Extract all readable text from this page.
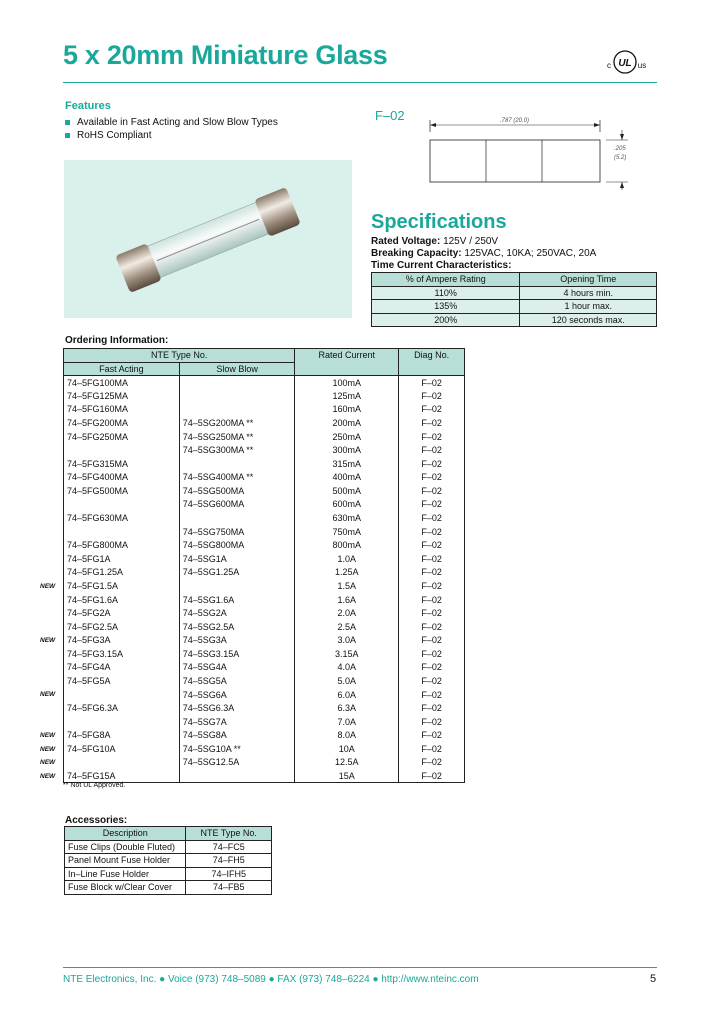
5 x 20mm Miniature Glass	UL
c	us
Features
Available in Fast Acting and Slow Blow Types
RoHS Compliant
F–02	.787 (20.0)
.205
(5.2)
Specifications
Rated Voltage: 125V / 250V
Breaking Capacity: 125VAC, 10KA; 250VAC, 20A
Time Current Characteristics:
% of Ampere Rating	Opening Time
110%	4 hours min.
135%	1 hour max.
200%	120 seconds max.
Ordering Information:
NTE Type No.		Rated Current	Diag No.
Fast Acting	Slow Blow		
74–5FG100MA		100mA	F–02
74–5FG125MA		125mA	F–02
74–5FG160MA		160mA	F–02
74–5FG200MA	74–5SG200MA **	200mA	F–02
74–5FG250MA	74–5SG250MA **	250mA	F–02
	74–5SG300MA **	300mA	F–02
74–5FG315MA		315mA	F–02
74–5FG400MA	74–5SG400MA **	400mA	F–02
74–5FG500MA	74–5SG500MA	500mA	F–02
	74–5SG600MA	600mA	F–02
74–5FG630MA		630mA	F–02
	74–5SG750MA	750mA	F–02
74–5FG800MA	74–5SG800MA	800mA	F–02
74–5FG1A	74–5SG1A	1.0A	F–02
74–5FG1.25A	74–5SG1.25A	1.25A	F–02
74–5FG1.5A		1.5A	F–02
74–5FG1.6A	74–5SG1.6A	1.6A	F–02
74–5FG2A	74–5SG2A	2.0A	F–02
74–5FG2.5A	74–5SG2.5A	2.5A	F–02
74–5FG3A	74–5SG3A	3.0A	F–02
74–5FG3.15A	74–5SG3.15A	3.15A	F–02
74–5FG4A	74–5SG4A	4.0A	F–02
74–5FG5A	74–5SG5A	5.0A	F–02
	74–5SG6A	6.0A	F–02
74–5FG6.3A	74–5SG6.3A	6.3A	F–02
	74–5SG7A	7.0A	F–02
74–5FG8A	74–5SG8A	8.0A	F–02
74–5FG10A	74–5SG10A **	10A	F–02
	74–5SG12.5A	12.5A	F–02
74–5FG15A		15A	F–02
NEW
NEW
NEW
NEW
NEW
NEW
NEW
** Not UL Approved.
Accessories:
Description	NTE Type No.
Fuse Clips (Double Fluted)	74–FC5
Panel Mount Fuse Holder	74–FH5
In–Line Fuse Holder	74–IFH5
Fuse Block w/Clear Cover	74–FB5
NTE Electronics, Inc. ● Voice (973) 748–5089 ● FAX (973) 748–6224 ● http://www.nteinc.com	5
